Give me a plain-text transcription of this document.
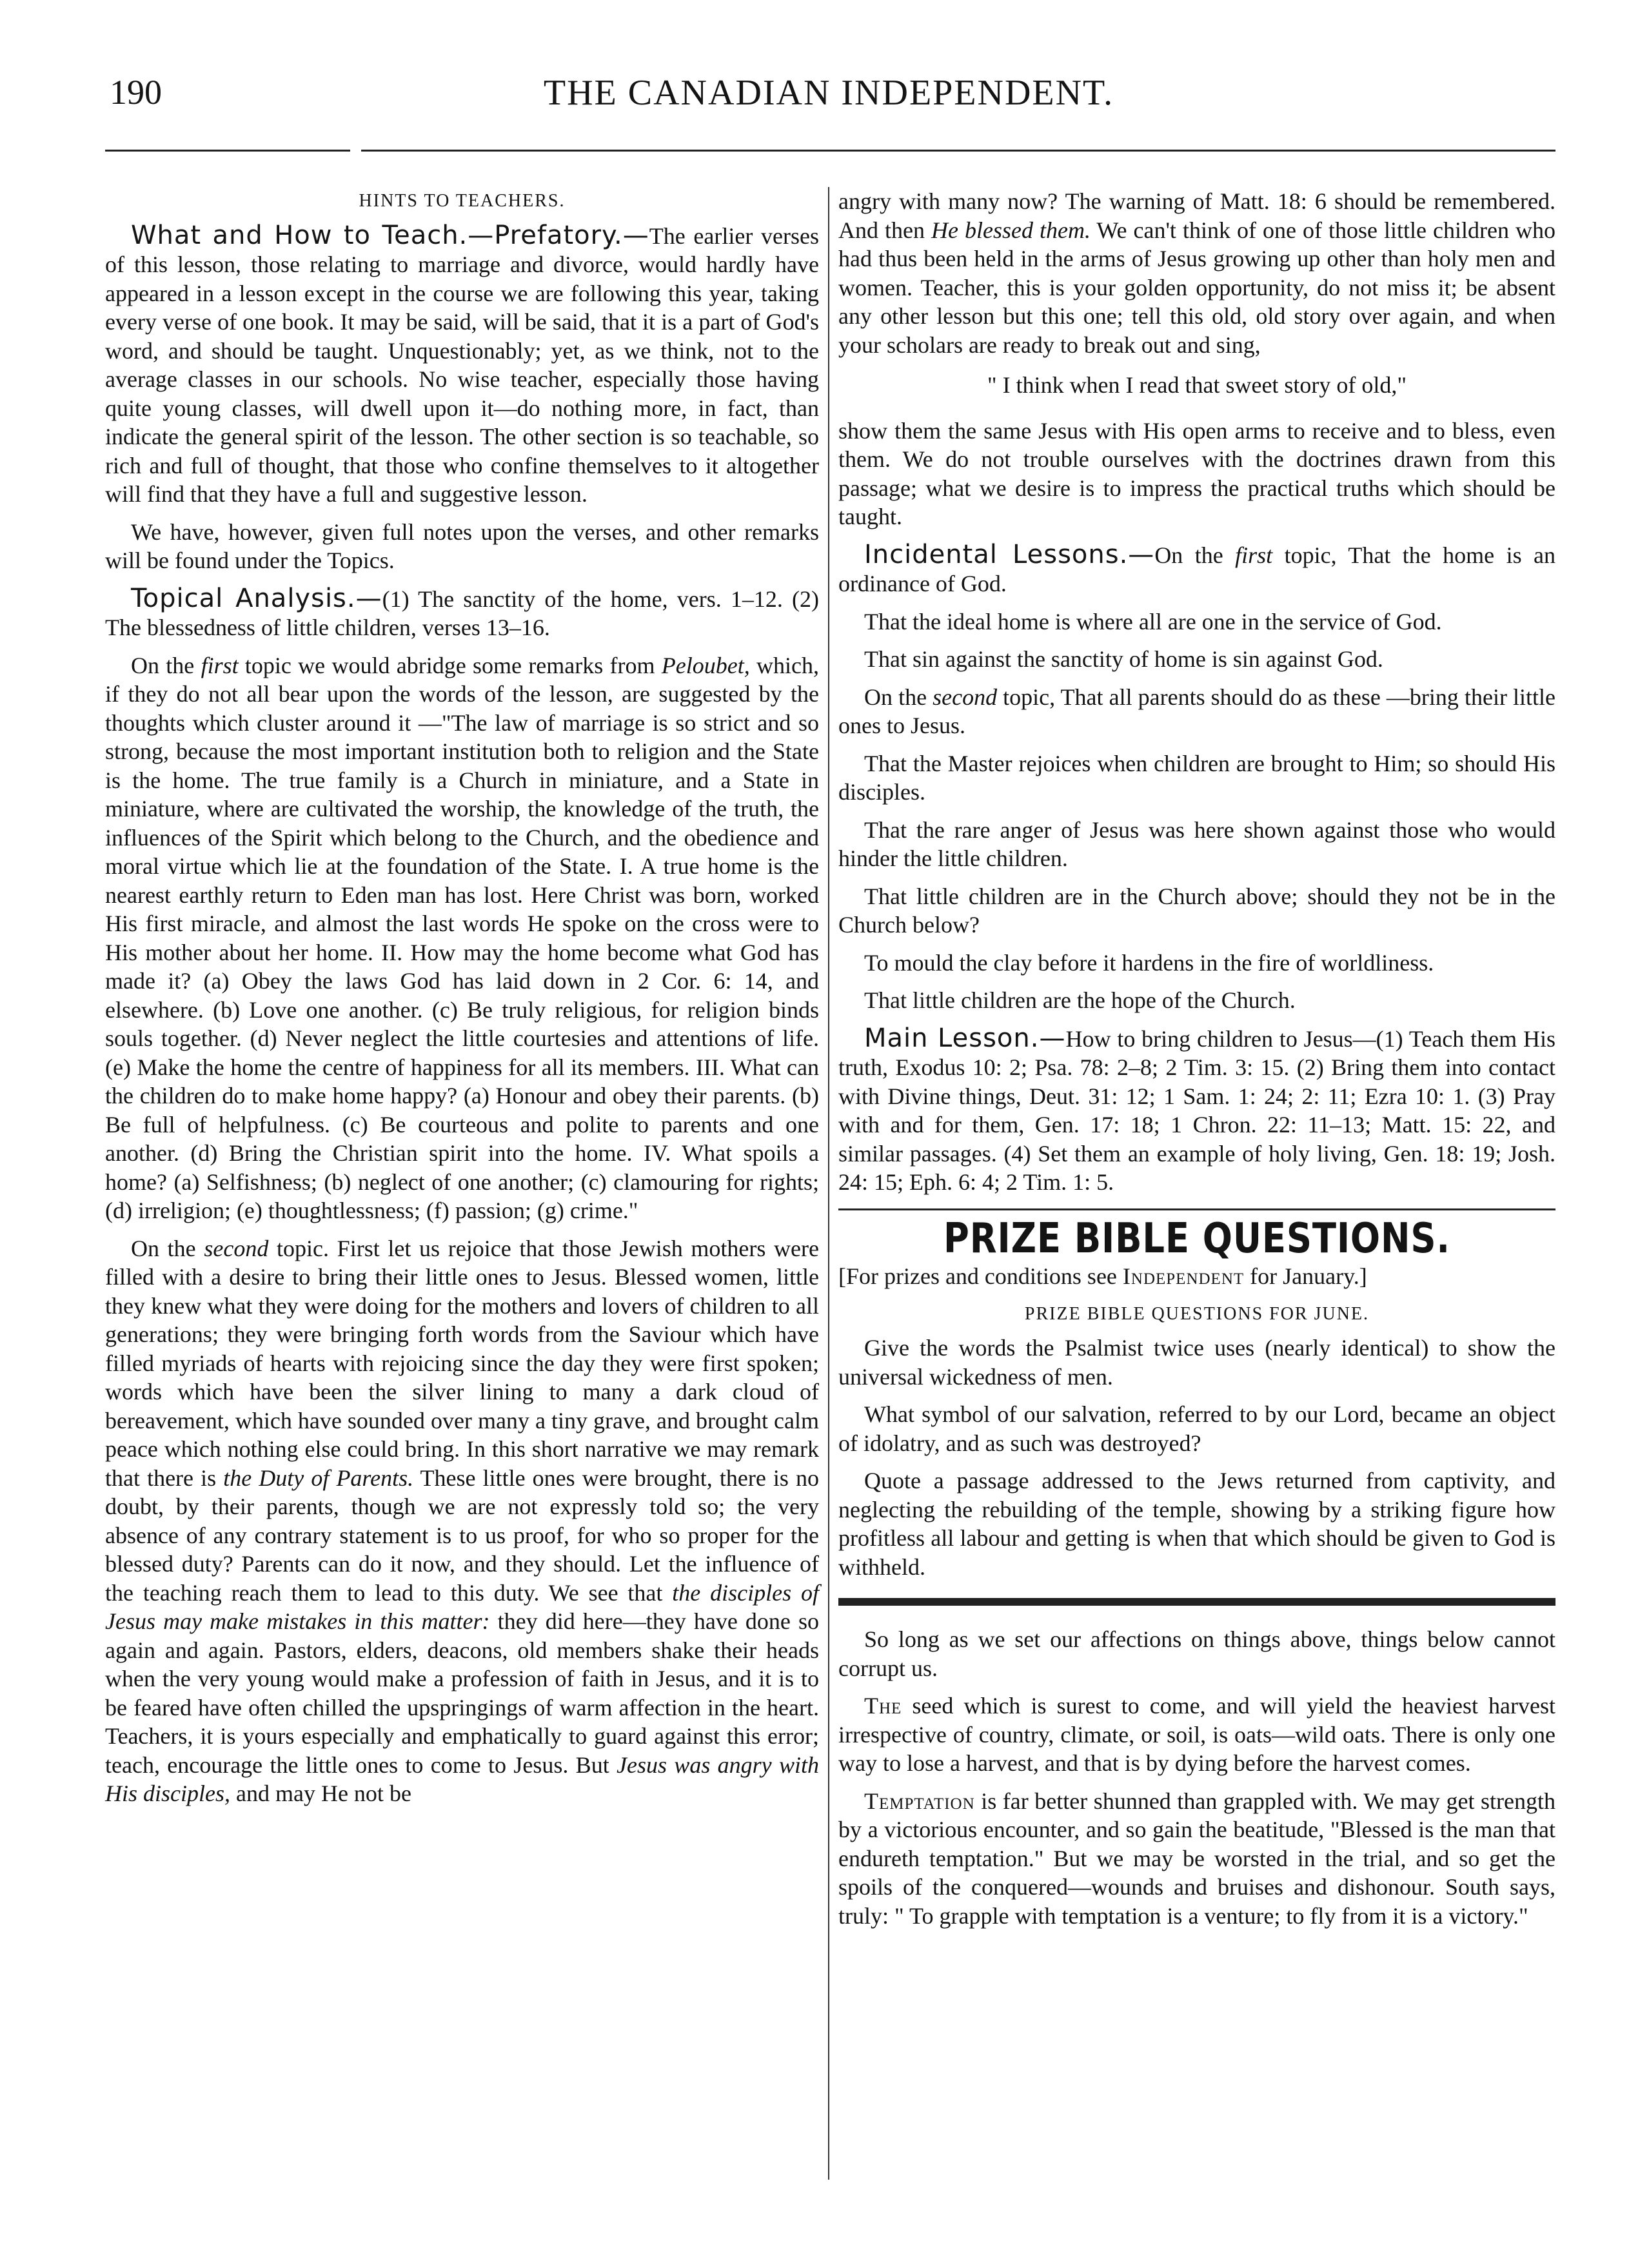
190	THE CANADIAN INDEPENDENT.
HINTS TO TEACHERS.

What and How to Teach.—Prefatory.—The earlier verses of this lesson, those relating to marriage and divorce, would hardly have appeared in a lesson except in the course we are following this year, taking every verse of one book. It may be said, will be said, that it is a part of God's word, and should be taught. Unquestionably; yet, as we think, not to the average classes in our schools. No wise teacher, especially those having quite young classes, will dwell upon it—do nothing more, in fact, than indicate the general spirit of the lesson. The other section is so teachable, so rich and full of thought, that those who confine themselves to it altogether will find that they have a full and suggestive lesson.

We have, however, given full notes upon the verses, and other remarks will be found under the Topics.

Topical Analysis.—(1) The sanctity of the home, vers. 1–12. (2) The blessedness of little children, verses 13–16.

On the first topic we would abridge some remarks from Peloubet, which, if they do not all bear upon the words of the lesson, are suggested by the thoughts which cluster around it —"The law of marriage is so strict and so strong, because the most important institution both to religion and the State is the home. The true family is a Church in miniature, and a State in miniature, where are cultivated the worship, the knowledge of the truth, the influences of the Spirit which belong to the Church, and the obedience and moral virtue which lie at the foundation of the State. I. A true home is the nearest earthly return to Eden man has lost. Here Christ was born, worked His first miracle, and almost the last words He spoke on the cross were to His mother about her home. II. How may the home become what God has made it? (a) Obey the laws God has laid down in 2 Cor. 6: 14, and elsewhere. (b) Love one another. (c) Be truly religious, for religion binds souls together. (d) Never neglect the little courtesies and attentions of life. (e) Make the home the centre of happiness for all its members. III. What can the children do to make home happy? (a) Honour and obey their parents. (b) Be full of helpfulness. (c) Be courteous and polite to parents and one another. (d) Bring the Christian spirit into the home. IV. What spoils a home? (a) Selfishness; (b) neglect of one another; (c) clamouring for rights; (d) irreligion; (e) thoughtlessness; (f) passion; (g) crime."

On the second topic. First let us rejoice that those Jewish mothers were filled with a desire to bring their little ones to Jesus. Blessed women, little they knew what they were doing for the mothers and lovers of children to all generations; they were bringing forth words from the Saviour which have filled myriads of hearts with rejoicing since the day they were first spoken; words which have been the silver lining to many a dark cloud of bereavement, which have sounded over many a tiny grave, and brought calm peace which nothing else could bring. In this short narrative we may remark that there is the Duty of Parents. These little ones were brought, there is no doubt, by their parents, though we are not expressly told so; the very absence of any contrary statement is to us proof, for who so proper for the blessed duty? Parents can do it now, and they should. Let the influence of the teaching reach them to lead to this duty. We see that the disciples of Jesus may make mistakes in this matter: they did here—they have done so again and again. Pastors, elders, deacons, old members shake their heads when the very young would make a profession of faith in Jesus, and it is to be feared have often chilled the upspringings of warm affection in the heart. Teachers, it is yours especially and emphatically to guard against this error; teach, encourage the little ones to come to Jesus. But Jesus was angry with His disciples, and may He not be

angry with many now? The warning of Matt. 18: 6 should be remembered. And then He blessed them. We can't think of one of those little children who had thus been held in the arms of Jesus growing up other than holy men and women. Teacher, this is your golden opportunity, do not miss it; be absent any other lesson but this one; tell this old, old story over again, and when your scholars are ready to break out and sing,

" I think when I read that sweet story of old,"

show them the same Jesus with His open arms to receive and to bless, even them. We do not trouble ourselves with the doctrines drawn from this passage; what we desire is to impress the practical truths which should be taught.

Incidental Lessons.—On the first topic, That the home is an ordinance of God.

That the ideal home is where all are one in the service of God.

That sin against the sanctity of home is sin against God.

On the second topic, That all parents should do as these —bring their little ones to Jesus.

That the Master rejoices when children are brought to Him; so should His disciples.

That the rare anger of Jesus was here shown against those who would hinder the little children.

That little children are in the Church above; should they not be in the Church below?

To mould the clay before it hardens in the fire of worldliness.

That little children are the hope of the Church.

Main Lesson.—How to bring children to Jesus—(1) Teach them His truth, Exodus 10: 2; Psa. 78: 2–8; 2 Tim. 3: 15. (2) Bring them into contact with Divine things, Deut. 31: 12; 1 Sam. 1: 24; 2: 11; Ezra 10: 1. (3) Pray with and for them, Gen. 17: 18; 1 Chron. 22: 11–13; Matt. 15: 22, and similar passages. (4) Set them an example of holy living, Gen. 18: 19; Josh. 24: 15; Eph. 6: 4; 2 Tim. 1: 5.

PRIZE BIBLE QUESTIONS.

[For prizes and conditions see Independent for January.]

PRIZE BIBLE QUESTIONS FOR JUNE.

Give the words the Psalmist twice uses (nearly identical) to show the universal wickedness of men.

What symbol of our salvation, referred to by our Lord, became an object of idolatry, and as such was destroyed?

Quote a passage addressed to the Jews returned from captivity, and neglecting the rebuilding of the temple, showing by a striking figure how profitless all labour and getting is when that which should be given to God is withheld.

So long as we set our affections on things above, things below cannot corrupt us.

The seed which is surest to come, and will yield the heaviest harvest irrespective of country, climate, or soil, is oats—wild oats. There is only one way to lose a harvest, and that is by dying before the harvest comes.

Temptation is far better shunned than grappled with. We may get strength by a victorious encounter, and so gain the beatitude, "Blessed is the man that endureth temptation." But we may be worsted in the trial, and so get the spoils of the conquered—wounds and bruises and dishonour. South says, truly: " To grapple with temptation is a venture; to fly from it is a victory."
